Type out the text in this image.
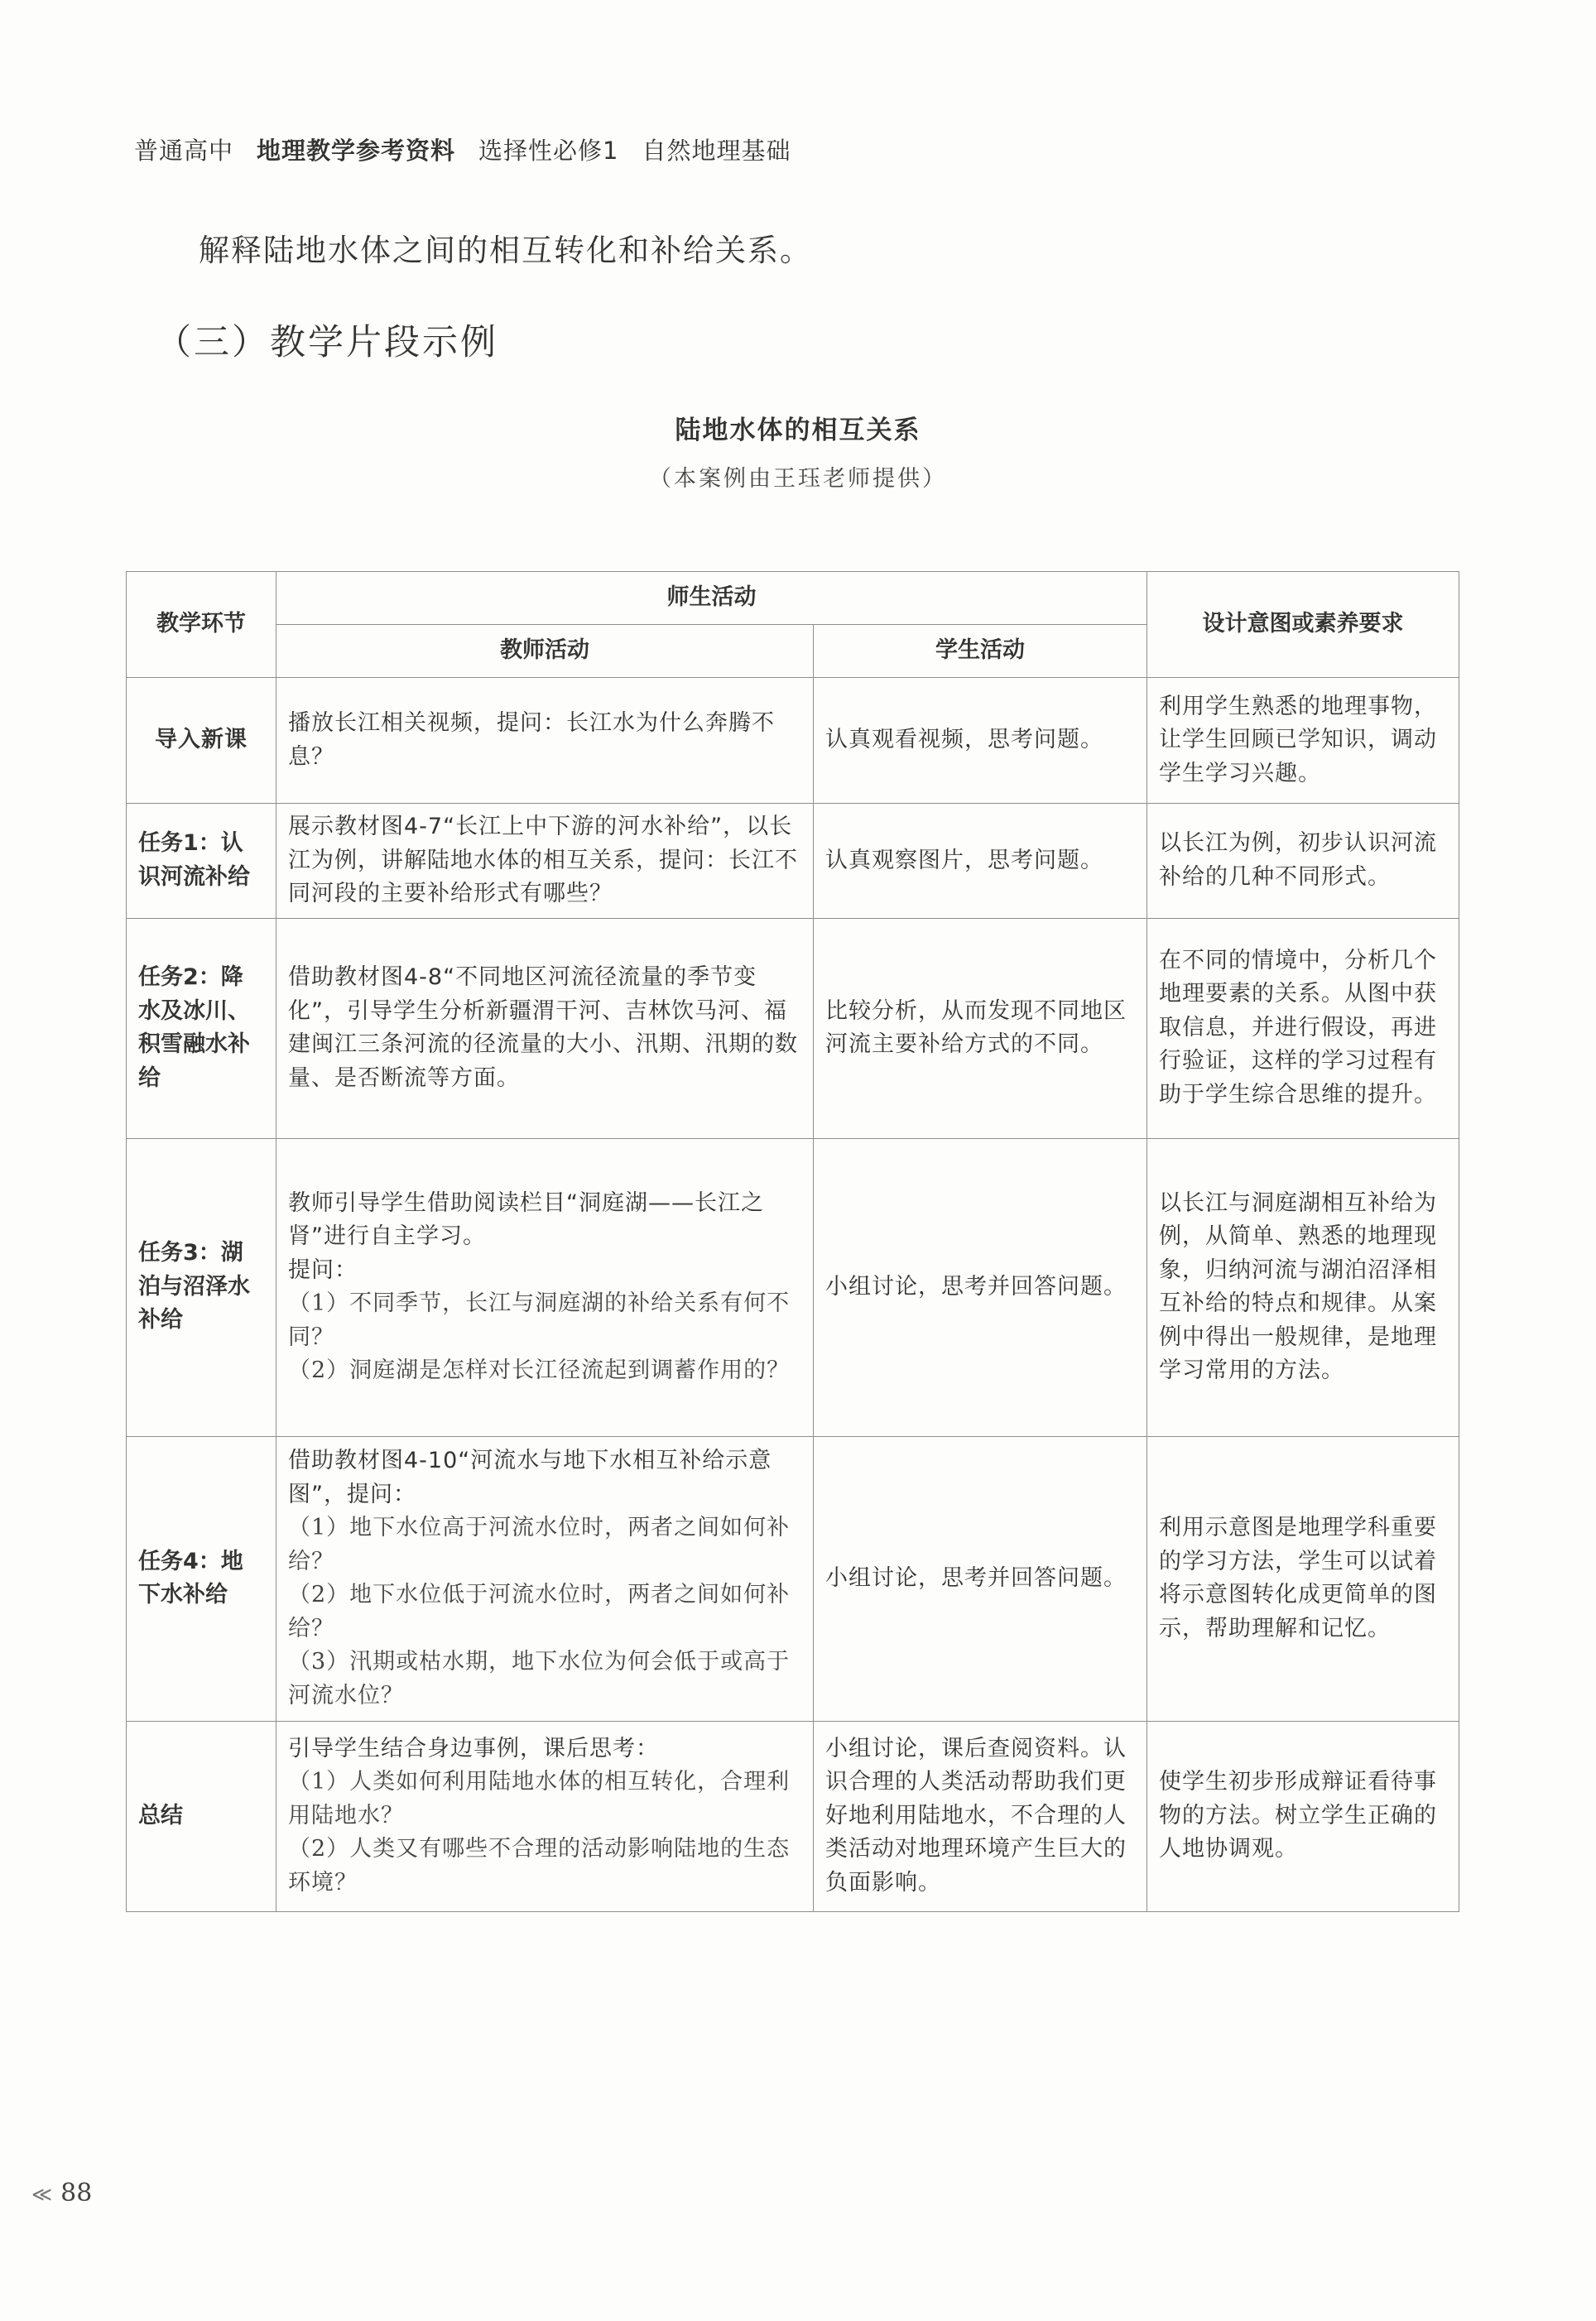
普通高中 地理教学参考资料 选择性必修1 自然地理基础
解释陆地水体之间的相互转化和补给关系。
（三）教学片段示例
陆地水体的相互关系
（本案例由王珏老师提供）
教学环节	师生活动		设计意图或素养要求
	教师活动	学生活动	
导入新课	播放长江相关视频，提问：长江水为什么奔腾不息？	认真观看视频，思考问题。	利用学生熟悉的地理事物，让学生回顾已学知识，调动学生学习兴趣。
任务1：认识河流补给	展示教材图4-7“长江上中下游的河水补给”，以长江为例，讲解陆地水体的相互关系，提问：长江不同河段的主要补给形式有哪些？	认真观察图片，思考问题。	以长江为例，初步认识河流补给的几种不同形式。
任务2：降水及冰川、积雪融水补给	借助教材图4-8“不同地区河流径流量的季节变化”，引导学生分析新疆渭干河、吉林饮马河、福建闽江三条河流的径流量的大小、汛期、汛期的数量、是否断流等方面。	比较分析，从而发现不同地区河流主要补给方式的不同。	在不同的情境中，分析几个地理要素的关系。从图中获取信息，并进行假设，再进行验证，这样的学习过程有助于学生综合思维的提升。
任务3：湖泊与沼泽水补给	教师引导学生借助阅读栏目“洞庭湖——长江之肾”进行自主学习。
提问：
（1）不同季节，长江与洞庭湖的补给关系有何不同？
（2）洞庭湖是怎样对长江径流起到调蓄作用的？	小组讨论，思考并回答问题。	以长江与洞庭湖相互补给为例，从简单、熟悉的地理现象，归纳河流与湖泊沼泽相互补给的特点和规律。从案例中得出一般规律，是地理学习常用的方法。
任务4：地下水补给	借助教材图4-10“河流水与地下水相互补给示意图”，提问：
（1）地下水位高于河流水位时，两者之间如何补给？
（2）地下水位低于河流水位时，两者之间如何补给？
（3）汛期或枯水期，地下水位为何会低于或高于河流水位？	小组讨论，思考并回答问题。	利用示意图是地理学科重要的学习方法，学生可以试着将示意图转化成更简单的图示，帮助理解和记忆。
总结	引导学生结合身边事例，课后思考：
（1）人类如何利用陆地水体的相互转化，合理利用陆地水？
（2）人类又有哪些不合理的活动影响陆地的生态环境？	小组讨论，课后查阅资料。认识合理的人类活动帮助我们更好地利用陆地水，不合理的人类活动对地理环境产生巨大的负面影响。	使学生初步形成辩证看待事物的方法。树立学生正确的人地协调观。
≪ 88
